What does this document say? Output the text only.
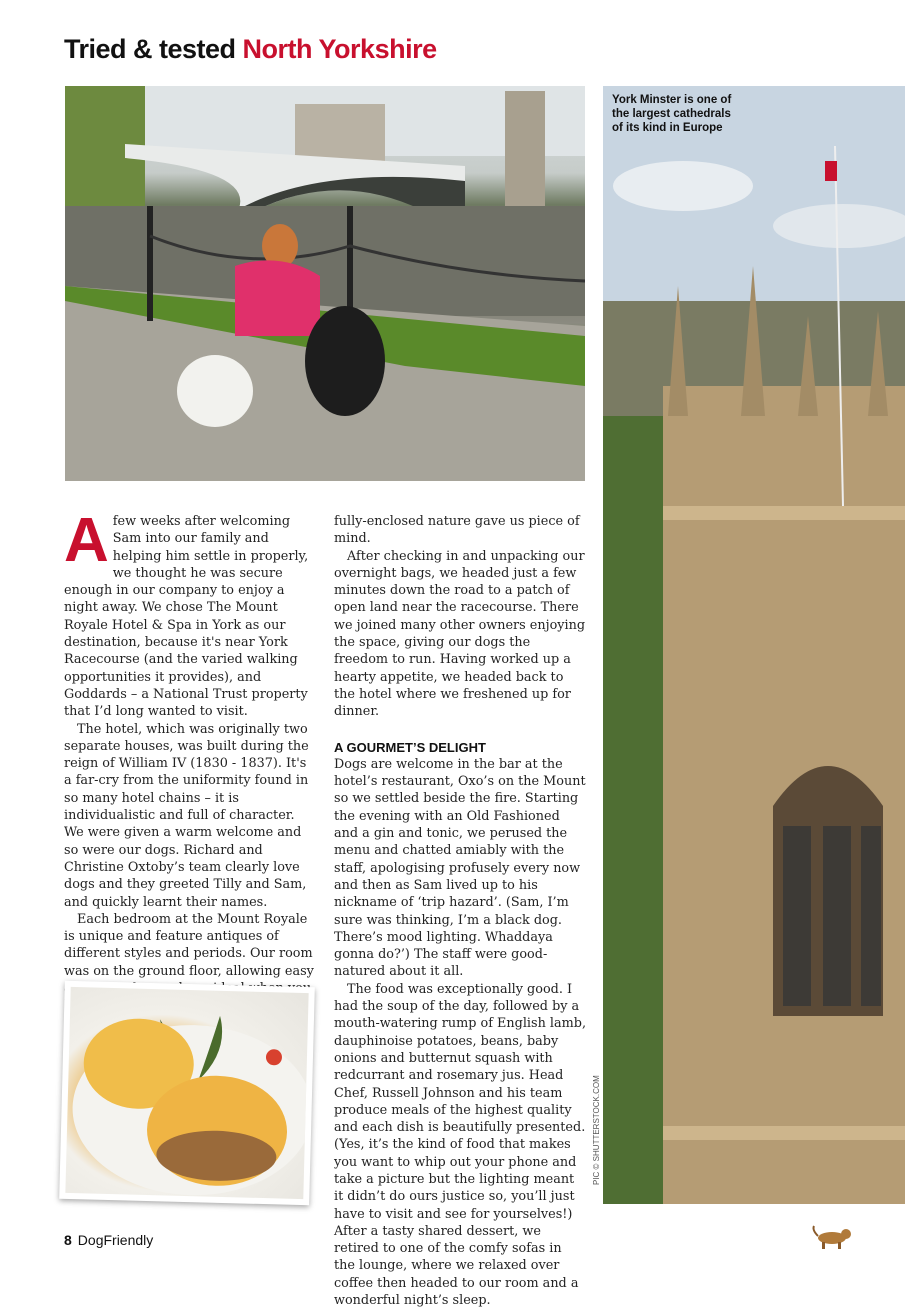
Tried & tested North Yorkshire
York Minster is one of the largest cathedrals of its kind in Europe
PIC © SHUTTERSTOCK.COM

Afew weeks after welcoming Sam into our family and helping him settle in properly, we thought he was secure enough in our company to enjoy a night away. We chose The Mount Royale Hotel & Spa in York as our destination, because it's near York Racecourse (and the varied walking opportunities it provides), and Goddards – a National Trust property that I’d long wanted to visit.

The hotel, which was originally two separate houses, was built during the reign of William IV (1830 - 1837). It's a far-cry from the uniformity found in so many hotel chains – it is individualistic and full of character. We were given a warm welcome and so were our dogs. Richard and Christine Oxtoby’s team clearly love dogs and they greeted Tilly and Sam, and quickly learnt their names.

Each bedroom at the Mount Royale is unique and feature antiques of different styles and periods. Our room was on the ground floor, allowing easy

fully-enclosed nature gave us piece of mind.

After checking in and unpacking our overnight bags, we headed just a few minutes down the road to a patch of open land near the racecourse. There we joined many other owners enjoying the space, giving our dogs the freedom to run. Having worked up a hearty appetite, we headed back to the hotel where we freshened up for dinner.

A GOURMET’S DELIGHT

Dogs are welcome in the bar at the hotel’s restaurant, Oxo’s on the Mount so we settled beside the fire. Starting the evening with an Old Fashioned and a gin and tonic, we perused the menu and chatted amiably with the staff, apologising profusely every now and then as Sam lived up to his nickname of ‘trip hazard’. (Sam, I’m sure was thinking, I’m a black dog. There’s mood lighting. Whaddaya gonna do?’) The staff were good-natured about it all.

The food was exceptionally good. I had the soup of the day, followed by a mouth-watering rump of English lamb, dauphinoise potatoes, beans, baby onions and butternut squash with redcurrant and rosemary jus. Head Chef, Russell Johnson and his team produce meals of the highest quality and each dish is beautifully presented. (Yes, it’s the kind of food that makes you want to whip out your phone and take a picture but the lighting meant it didn’t do ours justice so, you’ll just have to visit and see for yourselves!) After a tasty shared dessert, we retired to one of the comfy sofas in the lounge, where we relaxed over coffee then headed to our room and a wonderful night’s sleep.

8 DogFriendly
